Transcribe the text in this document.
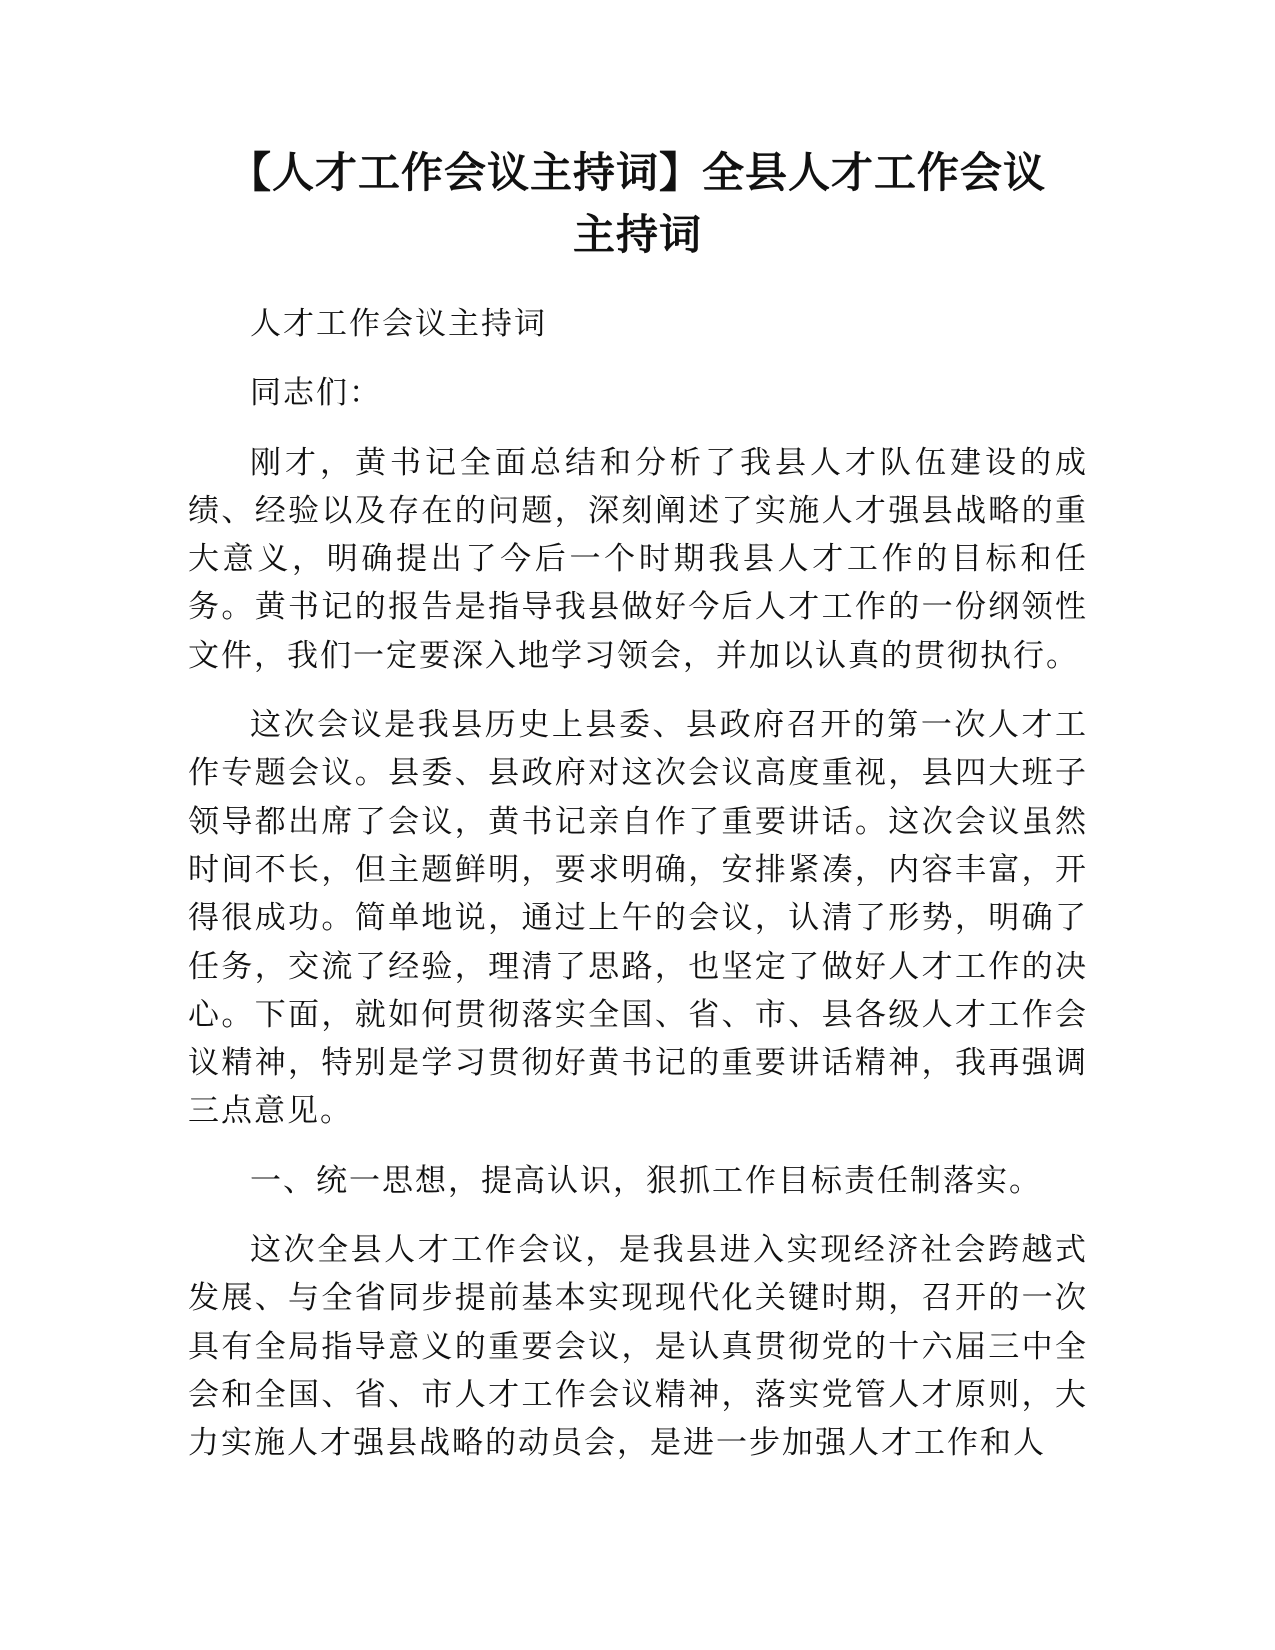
【人才工作会议主持词】全县人才工作会议
主持词

人才工作会议主持词

同志们：

刚才，黄书记全面总结和分析了我县人才队伍建设的成绩、经验以及存在的问题，深刻阐述了实施人才强县战略的重大意义，明确提出了今后一个时期我县人才工作的目标和任务。黄书记的报告是指导我县做好今后人才工作的一份纲领性文件，我们一定要深入地学习领会，并加以认真的贯彻执行。

这次会议是我县历史上县委、县政府召开的第一次人才工作专题会议。县委、县政府对这次会议高度重视，县四大班子领导都出席了会议，黄书记亲自作了重要讲话。这次会议虽然时间不长，但主题鲜明，要求明确，安排紧凑，内容丰富，开得很成功。简单地说，通过上午的会议，认清了形势，明确了任务，交流了经验，理清了思路，也坚定了做好人才工作的决心。下面，就如何贯彻落实全国、省、市、县各级人才工作会议精神，特别是学习贯彻好黄书记的重要讲话精神，我再强调三点意见。

一、统一思想，提高认识，狠抓工作目标责任制落实。

这次全县人才工作会议，是我县进入实现经济社会跨越式发展、与全省同步提前基本实现现代化关键时期，召开的一次具有全局指导意义的重要会议，是认真贯彻党的十六届三中全会和全国、省、市人才工作会议精神，落实党管人才原则，大力实施人才强县战略的动员会，是进一步加强人才工作和人
